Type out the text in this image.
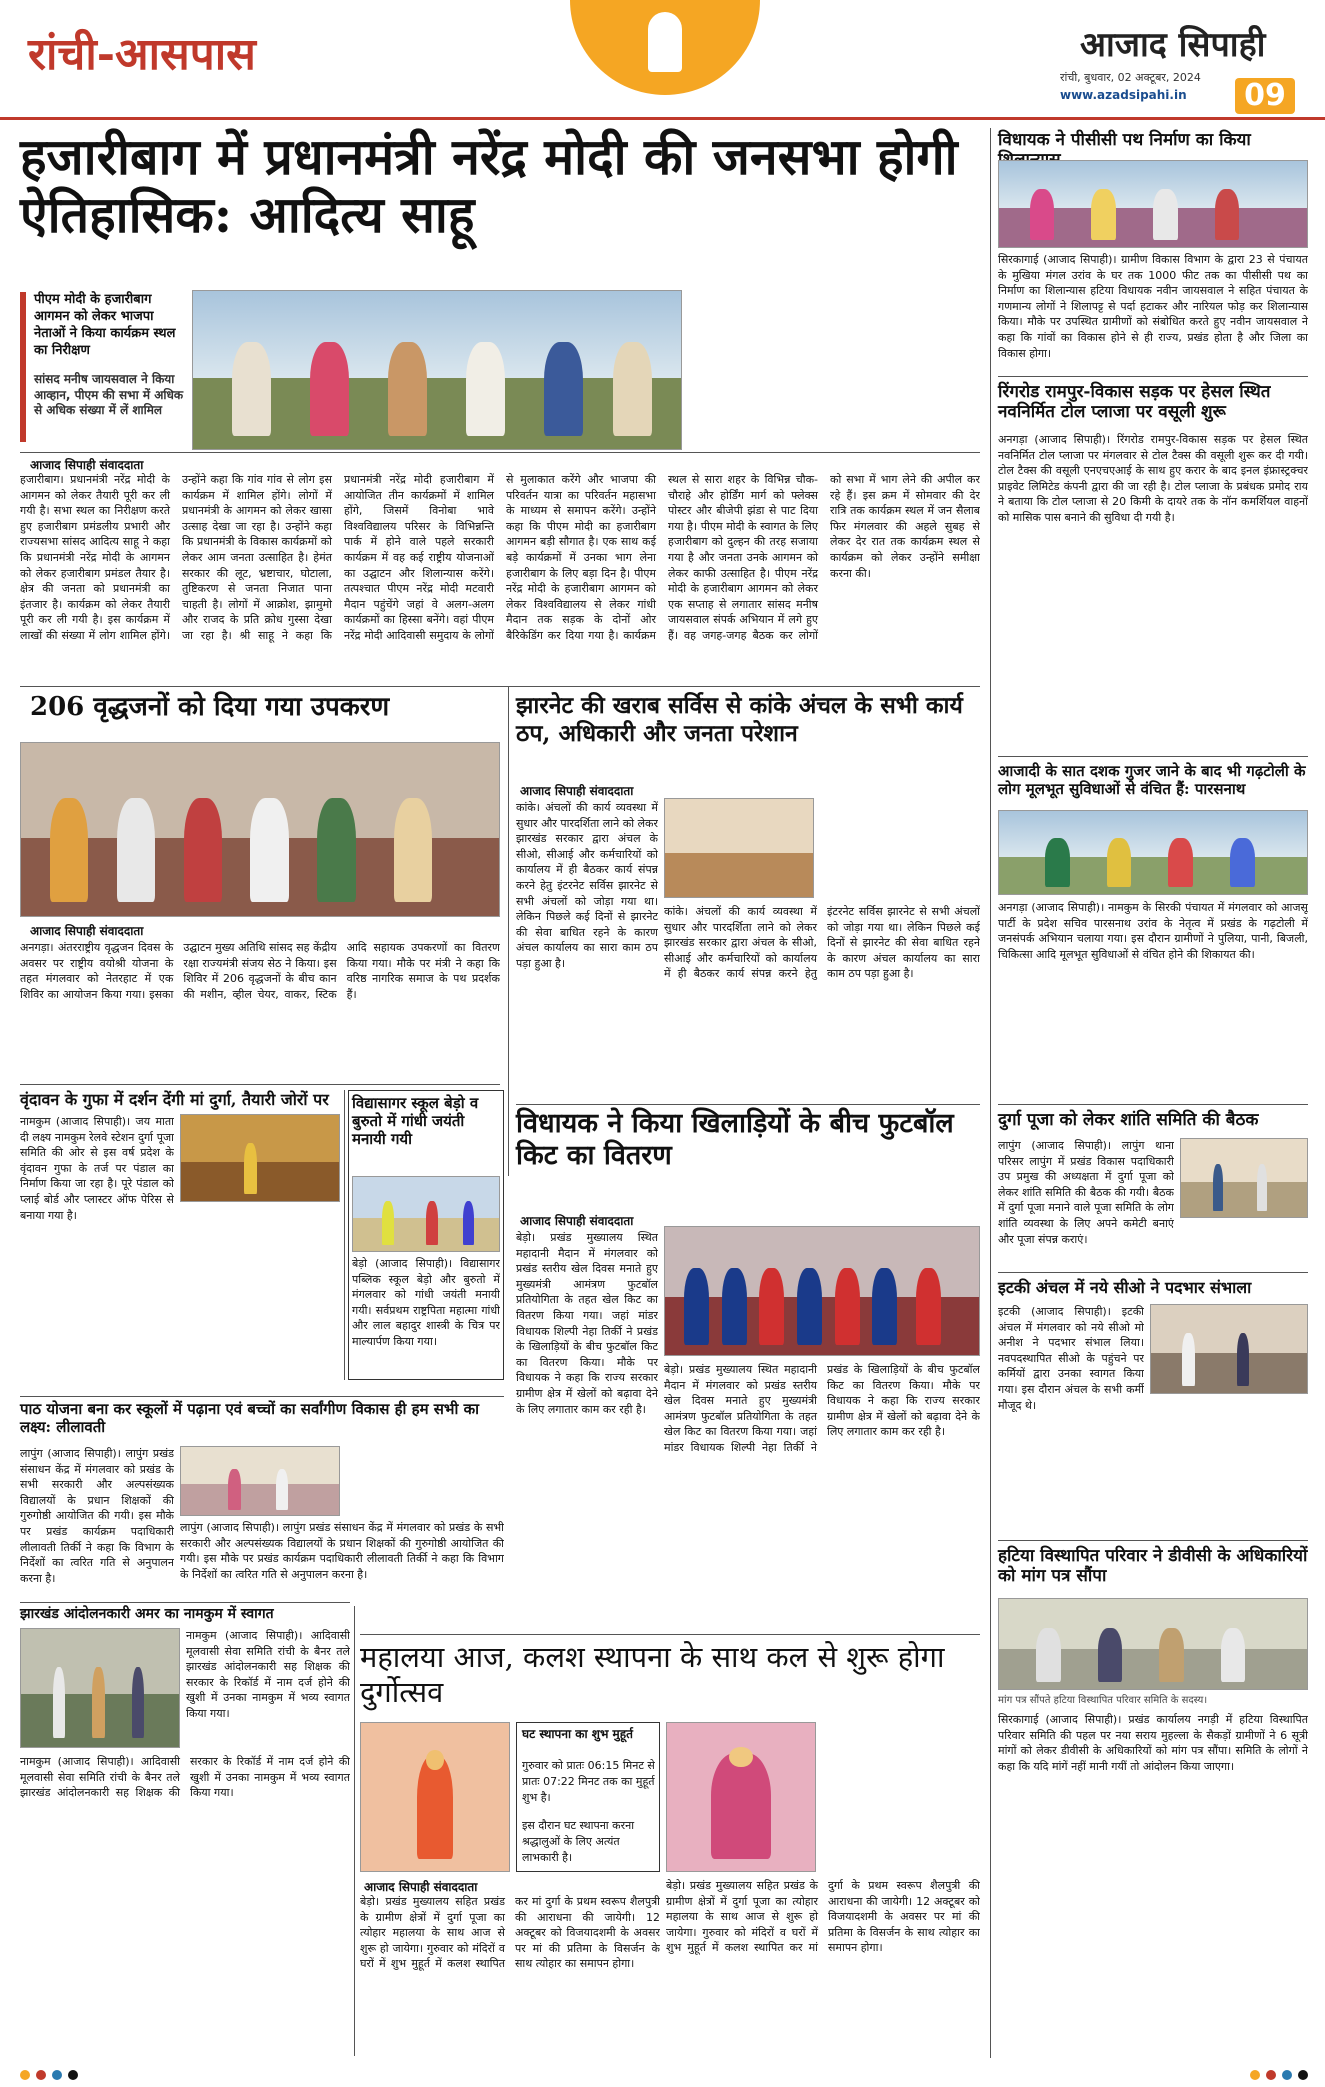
रांची-आसपास	आजाद सिपाही
रांची, बुधवार, 02 अक्टूबर, 2024
www.azadsipahi.in	09
हजारीबाग में प्रधानमंत्री नरेंद्र मोदी की जनसभा होगी ऐतिहासिक: आदित्य साहू
पीएम मोदी के हजारीबाग आगमन को लेकर भाजपा नेताओं ने किया कार्यक्रम स्थल का निरीक्षण
सांसद मनीष जायसवाल ने किया आव्हान, पीएम की सभा में अधिक से अधिक संख्या में लें शामिल
आजाद सिपाही संवाददाता
हजारीबाग। प्रधानमंत्री नरेंद्र मोदी के आगमन को लेकर तैयारी पूरी कर ली गयी है। सभा स्थल का निरीक्षण करते हुए हजारीबाग प्रमंडलीय प्रभारी और राज्यसभा सांसद आदित्य साहू ने कहा कि प्रधानमंत्री नरेंद्र मोदी के आगमन को लेकर हजारीबाग प्रमंडल तैयार है। क्षेत्र की जनता को प्रधानमंत्री का इंतजार है। कार्यक्रम को लेकर तैयारी पूरी कर ली गयी है। इस कार्यक्रम में लाखों की संख्या में लोग शामिल होंगे। उन्होंने कहा कि गांव गांव से लोग इस कार्यक्रम में शामिल होंगे। लोगों में प्रधानमंत्री के आगमन को लेकर खासा उत्साह देखा जा रहा है। उन्होंने कहा कि प्रधानमंत्री के विकास कार्यक्रमों को लेकर आम जनता उत्साहित है। हेमंत सरकार की लूट, भ्रष्टाचार, घोटाला, तुष्टिकरण से जनता निजात पाना चाहती है। लोगों में आक्रोश, झामुमो और राजद के प्रति क्रोध गुस्सा देखा जा रहा है। श्री साहू ने कहा कि प्रधानमंत्री नरेंद्र मोदी हजारीबाग में आयोजित तीन कार्यक्रमों में शामिल होंगे, जिसमें विनोबा भावे विश्वविद्यालय परिसर के विभिन्नन्ति पार्क में होने वाले पहले सरकारी कार्यक्रम में वह कई राष्ट्रीय योजनाओं का उद्घाटन और शिलान्यास करेंगे। तत्पश्चात पीएम नरेंद्र मोदी मटवारी मैदान पहुंचेंगे जहां वे अलग-अलग कार्यक्रमों का हिस्सा बनेंगे। वहां पीएम नरेंद्र मोदी आदिवासी समुदाय के लोगों से मुलाकात करेंगे और भाजपा की परिवर्तन यात्रा का परिवर्तन महासभा के माध्यम से समापन करेंगे। उन्होंने कहा कि पीएम मोदी का हजारीबाग आगमन बड़ी सौगात है। एक साथ कई बड़े कार्यक्रमों में उनका भाग लेना हजारीबाग के लिए बड़ा दिन है। पीएम नरेंद्र मोदी के हजारीबाग आगमन को लेकर विश्वविद्यालय से लेकर गांधी मैदान तक सड़क के दोनों ओर बैरिकेडिंग कर दिया गया है। कार्यक्रम स्थल से सारा शहर के विभिन्न चौक-चौराहे और होर्डिंग मार्ग को फ्लेक्स पोस्टर और बीजेपी झंडा से पाट दिया गया है। पीएम मोदी के स्वागत के लिए हजारीबाग को दुल्हन की तरह सजाया गया है और जनता उनके आगमन को लेकर काफी उत्साहित है। पीएम नरेंद्र मोदी के हजारीबाग आगमन को लेकर एक सप्ताह से लगातार सांसद मनीष जायसवाल संपर्क अभियान में लगे हुए हैं। वह जगह-जगह बैठक कर लोगों को सभा में भाग लेने की अपील कर रहे हैं। इस क्रम में सोमवार की देर रात्रि तक कार्यक्रम स्थल में जन सैलाब फिर मंगलवार की अहले सुबह से लेकर देर रात तक कार्यक्रम स्थल से कार्यक्रम को लेकर उन्होंने समीक्षा करना की।
विधायक ने पीसीसी पथ निर्माण का किया
सिरकागाई (आजाद सिपाही)। ग्रामीण विकास विभाग के द्वारा 23 से पंचायत के मुखिया मंगल उरांव के घर तक 1000 फीट तक का पीसीसी पथ का निर्माण का शिलान्यास हटिया विधायक नवीन जायसवाल ने सहित पंचायत के गणमान्य लोगों ने शिलापट्ट से पर्दा हटाकर और नारियल फोड़ कर शिलान्यास किया। मौके पर उपस्थित ग्रामीणों को संबोधित करते हुए नवीन जायसवाल ने कहा कि गांवों का विकास होने से ही राज्य, प्रखंड होता है और जिला का विकास होगा।
रिंगरोड रामपुर-विकास सड़क पर हेसल स्थित नवनिर्मित टोल प्लाजा पर वसूली शुरू
अनगड़ा (आजाद सिपाही)। रिंगरोड रामपुर-विकास सड़क पर हेसल स्थित नवनिर्मित टोल प्लाजा पर मंगलवार से टोल टैक्स की वसूली शुरू कर दी गयी। टोल टैक्स की वसूली एनएचएआई के साथ हुए करार के बाद इनल इंफ्रास्ट्रक्चर प्राइवेट लिमिटेड कंपनी द्वारा की जा रही है। टोल प्लाजा के प्रबंधक प्रमोद राय ने बताया कि टोल प्लाजा से 20 किमी के दायरे तक के नॉन कमर्शियल वाहनों को मासिक पास बनाने की सुविधा दी गयी है।
आजादी के सात दशक गुजर जाने के बाद भी गढ़टोली के लोग मूलभूत सुविधाओं से वंचित हैं: पारसनाथ
अनगड़ा (आजाद सिपाही)। नामकुम के सिरकी पंचायत में मंगलवार को आजसू पार्टी के प्रदेश सचिव पारसनाथ उरांव के नेतृत्व में प्रखंड के गढ़टोली में जनसंपर्क अभियान चलाया गया। इस दौरान ग्रामीणों ने पुलिया, पानी, बिजली, चिकित्सा आदि मूलभूत सुविधाओं से वंचित होने की शिकायत की।
दुर्गा पूजा को लेकर शांति समिति की बैठक
लापुंग (आजाद सिपाही)। लापुंग थाना परिसर लापुंग में प्रखंड विकास पदाधिकारी उप प्रमुख की अध्यक्षता में दुर्गा पूजा को लेकर शांति समिति की बैठक की गयी। बैठक में दुर्गा पूजा मनाने वाले पूजा समिति के लोग शांति व्यवस्था के लिए अपने कमेटी बनाएं और पूजा संपन्न कराएं।
इटकी अंचल में नये सीओ ने पदभार संभाला
इटकी (आजाद सिपाही)। इटकी अंचल में मंगलवार को नये सीओ मो अनीश ने पदभार संभाल लिया। नवपदस्थापित सीओ के पहुंचने पर कर्मियों द्वारा उनका स्वागत किया गया। इस दौरान अंचल के सभी कर्मी मौजूद थे।
हटिया विस्थापित परिवार ने डीवीसी के अधिकारियों को मांग पत्र सौंपा
मांग पत्र सौंपते हटिया विस्थापित परिवार समिति के सदस्य।
सिरकागाई (आजाद सिपाही)। प्रखंड कार्यालय नगड़ी में हटिया विस्थापित परिवार समिति की पहल पर नया सराय मुहल्ला के सैकड़ों ग्रामीणों ने 6 सूत्री मांगों को लेकर डीवीसी के अधिकारियों को मांग पत्र सौंपा। समिति के लोगों ने कहा कि यदि मांगें नहीं मानी गयीं तो आंदोलन किया जाएगा।
206 वृद्धजनों को दिया गया उपकरण
आजाद सिपाही संवाददाता
अनगड़ा। अंतरराष्ट्रीय वृद्धजन दिवस के अवसर पर राष्ट्रीय वयोश्री योजना के तहत मंगलवार को नेतरहाट में एक शिविर का आयोजन किया गया। इसका उद्घाटन मुख्य अतिथि सांसद सह केंद्रीय रक्षा राज्यमंत्री संजय सेठ ने किया। इस शिविर में 206 वृद्धजनों के बीच कान की मशीन, व्हील चेयर, वाकर, स्टिक आदि सहायक उपकरणों का वितरण किया गया। मौके पर मंत्री ने कहा कि वरिष्ठ नागरिक समाज के पथ प्रदर्शक हैं।
झारनेट की खराब सर्विस से कांके अंचल के सभी कार्य ठप, अधिकारी और जनता परेशान
आजाद सिपाही संवाददाता
कांके। अंचलों की कार्य व्यवस्था में सुधार और पारदर्शिता लाने को लेकर झारखंड सरकार द्वारा अंचल के सीओ, सीआई और कर्मचारियों को कार्यालय में ही बैठकर कार्य संपन्न करने हेतु इंटरनेट सर्विस झारनेट से सभी अंचलों को जोड़ा गया था। लेकिन पिछले कई दिनों से झारनेट की सेवा बाधित रहने के कारण अंचल कार्यालय का सारा काम ठप पड़ा हुआ है।
कांके। अंचलों की कार्य व्यवस्था में सुधार और पारदर्शिता लाने को लेकर झारखंड सरकार द्वारा अंचल के सीओ, सीआई और कर्मचारियों को कार्यालय में ही बैठकर कार्य संपन्न करने हेतु इंटरनेट सर्विस झारनेट से सभी अंचलों को जोड़ा गया था। लेकिन पिछले कई दिनों से झारनेट की सेवा बाधित रहने के कारण अंचल कार्यालय का सारा काम ठप पड़ा हुआ है।
वृंदावन के गुफा में दर्शन देंगी मां दुर्गा, तैयारी जोरों पर
नामकुम (आजाद सिपाही)। जय माता दी लक्ष्य नामकुम रेलवे स्टेशन दुर्गा पूजा समिति की ओर से इस वर्ष प्रदेश के वृंदावन गुफा के तर्ज पर पंडाल का निर्माण किया जा रहा है। पूरे पंडाल को प्लाई बोर्ड और प्लास्टर ऑफ पेरिस से बनाया गया है।
विद्यासागर स्कूल बेड़ो व बुरुतो में गांधी जयंती मनायी गयी
बेड़ो (आजाद सिपाही)। विद्यासागर पब्लिक स्कूल बेड़ो और बुरुतो में मंगलवार को गांधी जयंती मनायी गयी। सर्वप्रथम राष्ट्रपिता महात्मा गांधी और लाल बहादुर शास्त्री के चित्र पर माल्यार्पण किया गया।
विधायक ने किया खिलाड़ियों के बीच फुटबॉल किट का वितरण
आजाद सिपाही संवाददाता
बेड़ो। प्रखंड मुख्यालय स्थित महादानी मैदान में मंगलवार को प्रखंड स्तरीय खेल दिवस मनाते हुए मुख्यमंत्री आमंत्रण फुटबॉल प्रतियोगिता के तहत खेल किट का वितरण किया गया। जहां मांडर विधायक शिल्पी नेहा तिर्की ने प्रखंड के खिलाड़ियों के बीच फुटबॉल किट का वितरण किया। मौके पर विधायक ने कहा कि राज्य सरकार ग्रामीण क्षेत्र में खेलों को बढ़ावा देने के लिए लगातार काम कर रही है।
बेड़ो। प्रखंड मुख्यालय स्थित महादानी मैदान में मंगलवार को प्रखंड स्तरीय खेल दिवस मनाते हुए मुख्यमंत्री आमंत्रण फुटबॉल प्रतियोगिता के तहत खेल किट का वितरण किया गया। जहां मांडर विधायक शिल्पी नेहा तिर्की ने प्रखंड के खिलाड़ियों के बीच फुटबॉल किट का वितरण किया। मौके पर विधायक ने कहा कि राज्य सरकार ग्रामीण क्षेत्र में खेलों को बढ़ावा देने के लिए लगातार काम कर रही है।
पाठ योजना बना कर स्कूलों में पढ़ाना एवं बच्चों का सर्वांगीण विकास ही हम सभी का लक्ष्य: लीलावती
लापुंग (आजाद सिपाही)। लापुंग प्रखंड संसाधन केंद्र में मंगलवार को प्रखंड के सभी सरकारी और अल्पसंख्यक विद्यालयों के प्रधान शिक्षकों की गुरुगोष्ठी आयोजित की गयी। इस मौके पर प्रखंड कार्यक्रम पदाधिकारी लीलावती तिर्की ने कहा कि विभाग के निर्देशों का त्वरित गति से अनुपालन करना है।
लापुंग (आजाद सिपाही)। लापुंग प्रखंड संसाधन केंद्र में मंगलवार को प्रखंड के सभी सरकारी और अल्पसंख्यक विद्यालयों के प्रधान शिक्षकों की गुरुगोष्ठी आयोजित की गयी। इस मौके पर प्रखंड कार्यक्रम पदाधिकारी लीलावती तिर्की ने कहा कि विभाग के निर्देशों का त्वरित गति से अनुपालन करना है।
झारखंड आंदोलनकारी अमर का नामकुम में स्वागत
नामकुम (आजाद सिपाही)। आदिवासी मूलवासी सेवा समिति रांची के बैनर तले झारखंड आंदोलनकारी सह शिक्षक की सरकार के रिकॉर्ड में नाम दर्ज होने की खुशी में उनका नामकुम में भव्य स्वागत किया गया।
नामकुम (आजाद सिपाही)। आदिवासी मूलवासी सेवा समिति रांची के बैनर तले झारखंड आंदोलनकारी सह शिक्षक की सरकार के रिकॉर्ड में नाम दर्ज होने की खुशी में उनका नामकुम में भव्य स्वागत किया गया।
महालया आज, कलश स्थापना के साथ कल से शुरू होगा दुर्गोत्सव
घट स्थापना का शुभ मुहूर्त
गुरुवार को प्रातः 06:15 मिनट से प्रातः 07:22 मिनट तक का मुहूर्त शुभ है।
इस दौरान घट स्थापना करना श्रद्धालुओं के लिए अत्यंत लाभकारी है।
आजाद सिपाही संवाददाता
बेड़ो। प्रखंड मुख्यालय सहित प्रखंड के ग्रामीण क्षेत्रों में दुर्गा पूजा का त्योहार महालया के साथ आज से शुरू हो जायेगा। गुरुवार को मंदिरों व घरों में शुभ मुहूर्त में कलश स्थापित कर मां दुर्गा के प्रथम स्वरूप शैलपुत्री की आराधना की जायेगी। 12 अक्टूबर को विजयादशमी के अवसर पर मां की प्रतिमा के विसर्जन के साथ त्योहार का समापन होगा।
बेड़ो। प्रखंड मुख्यालय सहित प्रखंड के ग्रामीण क्षेत्रों में दुर्गा पूजा का त्योहार महालया के साथ आज से शुरू हो जायेगा। गुरुवार को मंदिरों व घरों में शुभ मुहूर्त में कलश स्थापित कर मां दुर्गा के प्रथम स्वरूप शैलपुत्री की आराधना की जायेगी। 12 अक्टूबर को विजयादशमी के अवसर पर मां की प्रतिमा के विसर्जन के साथ त्योहार का समापन होगा।
